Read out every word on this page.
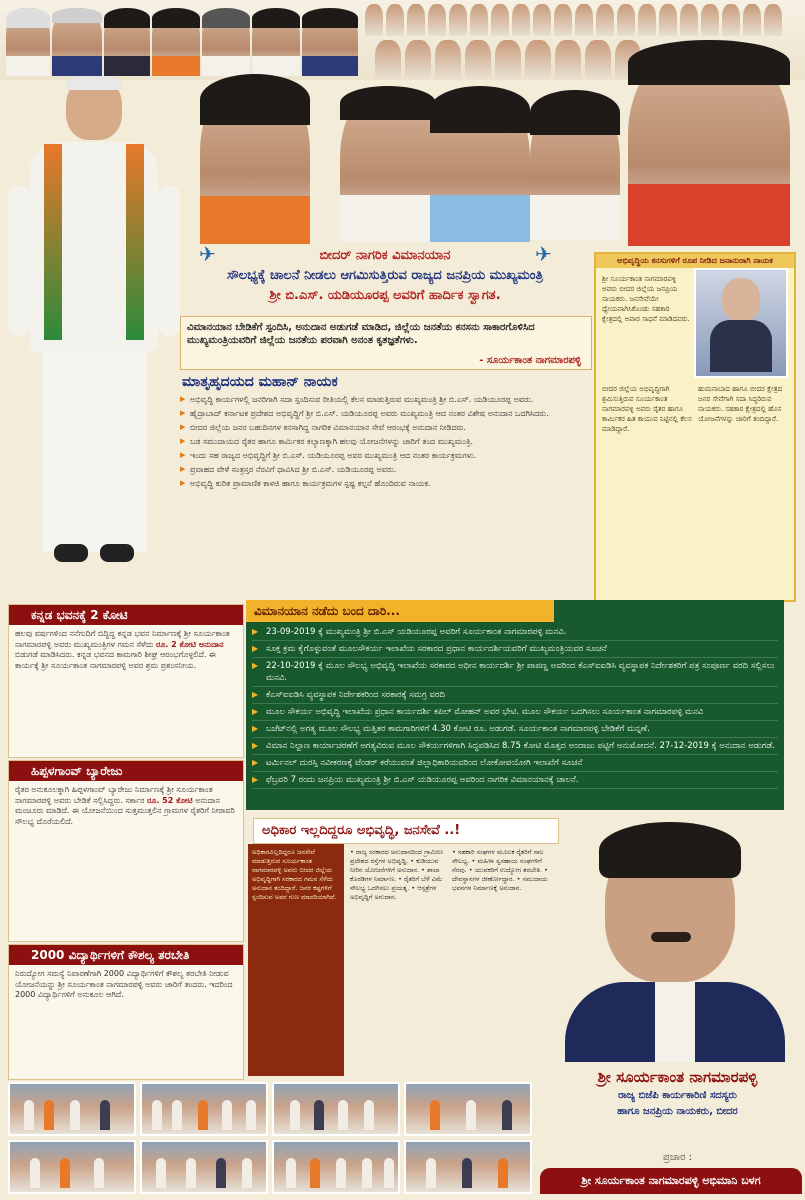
✈	✈
ಬೀದರ್ ನಾಗರಿಕ ವಿಮಾನಯಾನ
ಸೌಲಭ್ಯಕ್ಕೆ ಚಾಲನೆ ನೀಡಲು ಆಗಮಿಸುತ್ತಿರುವ ರಾಜ್ಯದ ಜನಪ್ರಿಯ ಮುಖ್ಯಮಂತ್ರಿ
ಶ್ರೀ ಬಿ.ಎಸ್. ಯಡಿಯೂರಪ್ಪ ಅವರಿಗೆ ಹಾರ್ದಿಕ ಸ್ವಾಗತ.
ವಿಮಾನಯಾನ ಬೇಡಿಕೆಗೆ ಸ್ಪಂದಿಸಿ, ಅನುದಾನ ಅಡುಗಡೆ ಮಾಡಿದ, ಜಿಲ್ಲೆಯ ಜನತೆಯ ಕನಸನು ಸಾಕಾರಗೊಳಿಸಿದ ಮುಖ್ಯಮಂತ್ರಿಯವರಿಗೆ ಜಿಲ್ಲೆಯ ಜನತೆಯ ಪರವಾಗಿ ಅನಂತ ಕೃತಜ್ಞತೆಗಳು.
- ಸೂರ್ಯಕಾಂತ ನಾಗಮಾರಪಳ್ಳಿ
ಮಾತೃಹೃದಯದ ಮಹಾನ್ ನಾಯಕ
▶ ಅಭಿವೃದ್ಧಿ ಕಾರ್ಯಗಳಲ್ಲಿ ಜನರಿಗಾಗಿ ಸದಾ ಸ್ಪಂದಿಸುವ ರೀತಿಯಲ್ಲಿ ಕೆಲಸ ಮಾಡುತ್ತಿರುವ ಮುಖ್ಯಮಂತ್ರಿ ಶ್ರೀ ಬಿ.ಎಸ್. ಯಡಿಯೂರಪ್ಪ ಅವರು.
▶ ಹೈದ್ರಾಬಾದ್ ಕರ್ನಾಟಕ ಪ್ರದೇಶದ ಅಭಿವೃದ್ಧಿಗೆ ಶ್ರೀ ಬಿ.ಎಸ್. ಯಡಿಯೂರಪ್ಪ ಅವರು ಮುಖ್ಯಮಂತ್ರಿ ಆದ ನಂತರ ವಿಶೇಷ ಅನುದಾನ ಒದಗಿಸಿದರು.
▶ ಬೀದರ ಜಿಲ್ಲೆಯ ಜನರ ಬಹುದಿನಗಳ ಕನಸಾಗಿದ್ದ ನಾಗರಿಕ ವಿಮಾನಯಾನ ಸೇವೆ ಆರಂಭಕ್ಕೆ ಅನುದಾನ ನೀಡಿದರು.
▶ ಬಡ ಸಮುದಾಯದ ರೈತರ ಹಾಗೂ ಕಾರ್ಮಿಕರ ಕಲ್ಯಾಣಕ್ಕಾಗಿ ಹಲವು ಯೋಜನೆಗಳನ್ನು ಜಾರಿಗೆ ತಂದ ಮುಖ್ಯಮಂತ್ರಿ.
▶ ಇಂದು ಸಹ ರಾಜ್ಯದ ಅಭಿವೃದ್ಧಿಗೆ ಶ್ರೀ ಬಿ.ಎಸ್. ಯಡಿಯೂರಪ್ಪ ಅವರ ಮುಖ್ಯಮಂತ್ರಿ ಆದ ನಂತರ ಕಾರ್ಯಕ್ರಮಗಳು.
▶ ಪ್ರವಾಹದ ವೇಳೆ ಸಂತ್ರಸ್ತರ ನೆರವಿಗೆ ಧಾವಿಸಿದ ಶ್ರೀ ಬಿ.ಎಸ್. ಯಡಿಯೂರಪ್ಪ ಅವರು.
▶ ಅಭಿವೃದ್ಧಿ ಕುರಿತ ಪ್ರಾಮಾಣಿಕ ಕಾಳಜಿ ಹಾಗೂ ಕಾರ್ಯಕ್ರಮಗಳ ಸ್ಪಷ್ಟ ಕಲ್ಪನೆ ಹೊಂದಿರುವ ನಾಯಕ.
ಅಭಿವೃದ್ಧಿಯ ಕನಸುಗಳಿಗೆ ರೂಪ ನೀಡಿದ ಜನಾನುರಾಗಿ ನಾಯಕ
ಶ್ರೀ ಸೂರ್ಯಕಾಂತ ನಾಗಮಾರಪಳ್ಳಿ ಅವರು ಬೀದರ ಜಿಲ್ಲೆಯ ಜನಪ್ರಿಯ ನಾಯಕರು. ಜನಸೇವೆಯೇ ಧ್ಯೇಯವಾಗಿಸಿಕೊಂಡು ಸಹಕಾರಿ ಕ್ಷೇತ್ರದಲ್ಲಿ ಅಪಾರ ಸಾಧನೆ ಮಾಡಿದವರು.
ಬೀದರ ಜಿಲ್ಲೆಯ ಅಭಿವೃದ್ಧಿಗಾಗಿ ಶ್ರಮಿಸುತ್ತಿರುವ ಸೂರ್ಯಕಾಂತ ನಾಗಮಾರಪಳ್ಳಿ ಅವರು ರೈತರ ಹಾಗೂ ಕಾರ್ಮಿಕರ ಹಿತ ಕಾಯುವ ನಿಟ್ಟಿನಲ್ಲಿ ಕೆಲಸ ಮಾಡಿದ್ದಾರೆ.
ಹುಮನಾಬಾದ ಹಾಗೂ ಬೀದರ ಕ್ಷೇತ್ರದ ಜನರ ಸೇವೆಗಾಗಿ ಸದಾ ಸಿದ್ಧರಿರುವ ನಾಯಕರು. ಸಹಕಾರ ಕ್ಷೇತ್ರದಲ್ಲಿ ಹೊಸ ಯೋಜನೆಗಳನ್ನು ಜಾರಿಗೆ ತಂದಿದ್ದಾರೆ.
ಕನ್ನಡ ಭವನಕ್ಕೆ 2 ಕೋಟಿ
ಹಲವು ವರ್ಷಗಳಿಂದ ನನೆಗುದಿಗೆ ಬಿದ್ದಿದ್ದ ಕನ್ನಡ ಭವನ ನಿರ್ಮಾಣಕ್ಕೆ ಶ್ರೀ ಸೂರ್ಯಕಾಂತ ನಾಗಮಾರಪಳ್ಳಿ ಅವರು ಮುಖ್ಯಮಂತ್ರಿಗಳ ಗಮನ ಸೆಳೆದು ರೂ. 2 ಕೋಟಿ ಅನುದಾನ ಬಿಡುಗಡೆ ಮಾಡಿಸಿದರು. ಕನ್ನಡ ಭವನದ ಕಾಮಗಾರಿ ಶೀಘ್ರ ಆರಂಭಗೊಳ್ಳಲಿದೆ. ಈ ಕಾರ್ಯಕ್ಕೆ ಶ್ರೀ ಸೂರ್ಯಕಾಂತ ನಾಗಮಾರಪಳ್ಳಿ ಅವರ ಶ್ರಮ ಪ್ರಶಂಸನೀಯ.
ಹಿಪ್ಪಳಗಾಂವ್ ಬ್ಯಾರೇಜು
ರೈತರ ಅನುಕೂಲಕ್ಕಾಗಿ ಹಿಪ್ಪಳಗಾಂವ್ ಬ್ಯಾರೇಜು ನಿರ್ಮಾಣಕ್ಕೆ ಶ್ರೀ ಸೂರ್ಯಕಾಂತ ನಾಗಮಾರಪಳ್ಳಿ ಅವರು ಬೇಡಿಕೆ ಸಲ್ಲಿಸಿದ್ದರು. ಸರ್ಕಾರ ರೂ. 52 ಕೋಟಿ ಅನುದಾನ ಮಂಜೂರು ಮಾಡಿದೆ. ಈ ಯೋಜನೆಯಿಂದ ಸುತ್ತಮುತ್ತಲಿನ ಗ್ರಾಮಗಳ ರೈತರಿಗೆ ನೀರಾವರಿ ಸೌಲಭ್ಯ ದೊರೆಯಲಿದೆ.
2000 ವಿದ್ಯಾರ್ಥಿಗಳಿಗೆ ಕೌಶಲ್ಯ ತರಬೇತಿ
ನಿರುದ್ಯೋಗ ಸಮಸ್ಯೆ ನಿವಾರಣೆಗಾಗಿ 2000 ವಿದ್ಯಾರ್ಥಿಗಳಿಗೆ ಕೌಶಲ್ಯ ತರಬೇತಿ ನೀಡುವ ಯೋಜನೆಯನ್ನು ಶ್ರೀ ಸೂರ್ಯಕಾಂತ ನಾಗಮಾರಪಳ್ಳಿ ಅವರು ಜಾರಿಗೆ ತಂದರು. ಇದರಿಂದ 2000 ವಿದ್ಯಾರ್ಥಿಗಳಿಗೆ ಅನುಕೂಲ ಆಗಿದೆ.
ವಿಮಾನಯಾನ ನಡೆದು ಬಂದ ದಾರಿ...
▶ 23-09-2019 ಕ್ಕೆ ಮುಖ್ಯಮಂತ್ರಿ ಶ್ರೀ ಬಿ.ಎಸ್ ಯಡಿಯೂರಪ್ಪ ಅವರಿಗೆ ಸೂರ್ಯಕಾಂತ ನಾಗಮಾರಪಳ್ಳಿ ಮನವಿ.
▶ ಸೂಕ್ತ ಕ್ರಮ ಕೈಗೊಳ್ಳುವಂತೆ ಮೂಲಸೌಕರ್ಯ ಇಲಾಖೆಯ ಸರಕಾರದ ಪ್ರಧಾನ ಕಾರ್ಯದರ್ಶಿಯವರಿಗೆ ಮುಖ್ಯಮಂತ್ರಿಯವರ ಸೂಚನೆ
▶ 22-10-2019 ಕ್ಕೆ ಮೂಲ ಸೌಲಭ್ಯ ಅಭಿವೃದ್ಧಿ ಇಲಾಖೆಯ ಸರಕಾರದ ಅಧೀನ ಕಾರ್ಯದರ್ಶಿ ಶ್ರೀ ಪಾಪಣ್ಣ ಅವರಿಂದ ಕೆಎಸ್‌ಐಐಡಿಸಿ ವ್ಯವಸ್ಥಾಪಕ ನಿರ್ದೇಶಕರಿಗೆ ಪತ್ರ ಸಂಪೂರ್ಣ ವರದಿ ಸಲ್ಲಿಸಲು ಮನವಿ.
▶ ಕೆಎಸ್‌ಐಐಡಿಸಿ ವ್ಯವಸ್ಥಾಪಕ ನಿರ್ದೇಶಕರಿಂದ ಸರಕಾರಕ್ಕೆ ಸಮಗ್ರ ವರದಿ
▶ ಮೂಲ ಸೌಕರ್ಯ ಅಭಿವೃದ್ಧಿ ಇಲಾಖೆಯ ಪ್ರಧಾನ ಕಾರ್ಯದರ್ಶಿ ಕಪಿಲ್ ಮೋಹನ್ ಅವರ ಭೇಟಿ. ಮೂಲ ಸೌಕರ್ಯ ಒದಗಿಸಲು ಸೂರ್ಯಕಾಂತ ನಾಗಮಾರಪಳ್ಳಿ ಮನವಿ
▶ ಬಜೆಟ್‌ನಲ್ಲಿ ಅಗತ್ಯ ಮೂಲ ಸೌಲಭ್ಯ ಮತ್ತಿತರ ಕಾಮಗಾರಿಗಳಿಗೆ 4.30 ಕೋಟಿ ರೂ. ಅಡುಗಡೆ. ಸೂರ್ಯಕಾಂತ ನಾಗಮಾರಪಳ್ಳಿ ಬೇಡಿಕೆಗೆ ಮನ್ನಣೆ.
▶ ವಿಮಾನ ನಿಲ್ದಾಣ ಕಾರ್ಯಾಚರಣೆಗೆ ಅಗತ್ಯವಿರುವ ಮೂಲ ಸೌಕರ್ಯಗಳಿಗಾಗಿ ಸಿದ್ಧಪಡಿಸಿದ 8.75 ಕೋಟಿ ಮೊತ್ತದ ಅಂದಾಜು ಪಟ್ಟಿಗೆ ಅನುಮೋದನೆ. 27-12-2019 ಕ್ಕೆ ಅನುದಾನ ಅಡುಗಡೆ.
▶ ಟರ್ಮಿನಲ್ ದುರಸ್ತಿ ನವೀಕರಣಕ್ಕೆ ಟೆಂಡರ್ ಕರೆಯುವಂತೆ ಜಿಲ್ಲಾಧಿಕಾರಿಯವರಿಂದ ಲೋಕೋಪಯೋಗಿ ಇಲಾಖೆಗೆ ಸೂಚನೆ
▶ ಫೆಬ್ರವರಿ 7 ರಂದು ಜನಪ್ರಿಯ ಮುಖ್ಯಮಂತ್ರಿ ಶ್ರೀ ಬಿ.ಎಸ್ ಯಡಿಯೂರಪ್ಪ ಅವರಿಂದ ನಾಗರಿಕ ವಿಮಾನಯಾನಕ್ಕೆ ಚಾಲನೆ.
ಅಧಿಕಾರ ಇಲ್ಲದಿದ್ದರೂ ಅಭಿವೃದ್ಧಿ, ಜನಸೇವೆ ..!
ಅಧಿಕಾರವಿಲ್ಲದಿದ್ದರೂ ಜನಸೇವೆ ಮಾಡುತ್ತಿರುವ ಸೂರ್ಯಕಾಂತ ನಾಗಮಾರಪಳ್ಳಿ ಅವರು ಬೀದರ ಜಿಲ್ಲೆಯ ಅಭಿವೃದ್ಧಿಗಾಗಿ ಸರಕಾರದ ಗಮನ ಸೆಳೆದು ಅನುದಾನ ತಂದಿದ್ದಾರೆ. ಜನರ ಕಷ್ಟಗಳಿಗೆ ಸ್ಪಂದಿಸುವ ಅವರ ಗುಣ ಮಾದರಿಯಾಗಿದೆ.
• ರಾಜ್ಯ ಸರಕಾರದ ಅನುದಾನದಿಂದ ಗ್ರಾಮೀಣ ಪ್ರದೇಶದ ರಸ್ತೆಗಳ ಅಭಿವೃದ್ಧಿ. • ಕುಡಿಯುವ ನೀರಿನ ಯೋಜನೆಗಳಿಗೆ ಅನುದಾನ. • ಶಾಲಾ ಕೊಠಡಿಗಳ ನಿರ್ಮಾಣ. • ರೈತರಿಗೆ ಬೆಳೆ ವಿಮೆ ಸೌಲಭ್ಯ ಒದಗಿಸಲು ಪ್ರಯತ್ನ. • ಆಸ್ಪತ್ರೆಗಳ ಅಭಿವೃದ್ಧಿಗೆ ಅನುದಾನ.
• ಸಹಕಾರಿ ಸಂಘಗಳ ಮೂಲಕ ರೈತರಿಗೆ ಸಾಲ ಸೌಲಭ್ಯ. • ಮಹಿಳಾ ಸ್ವಸಹಾಯ ಸಂಘಗಳಿಗೆ ನೆರವು. • ಯುವಕರಿಗೆ ಉದ್ಯೋಗ ತರಬೇತಿ. • ದೇವಸ್ಥಾನಗಳ ಜೀರ್ಣೋದ್ಧಾರ. • ಸಮುದಾಯ ಭವನಗಳ ನಿರ್ಮಾಣಕ್ಕೆ ಅನುದಾನ.
ಶ್ರೀ ಸೂರ್ಯಕಾಂತ ನಾಗಮಾರಪಳ್ಳಿ
ರಾಜ್ಯ ಬಿಜೆಪಿ ಕಾರ್ಯಕಾರಿಣಿ ಸದಸ್ಯರು
ಹಾಗೂ ಜನಪ್ರಿಯ ನಾಯಕರು, ಬೀದರ
ಪ್ರಚಾರ :
ಶ್ರೀ ಸೂರ್ಯಕಾಂತ ನಾಗಮಾರಪಳ್ಳಿ ಅಭಿಮಾನಿ ಬಳಗ
